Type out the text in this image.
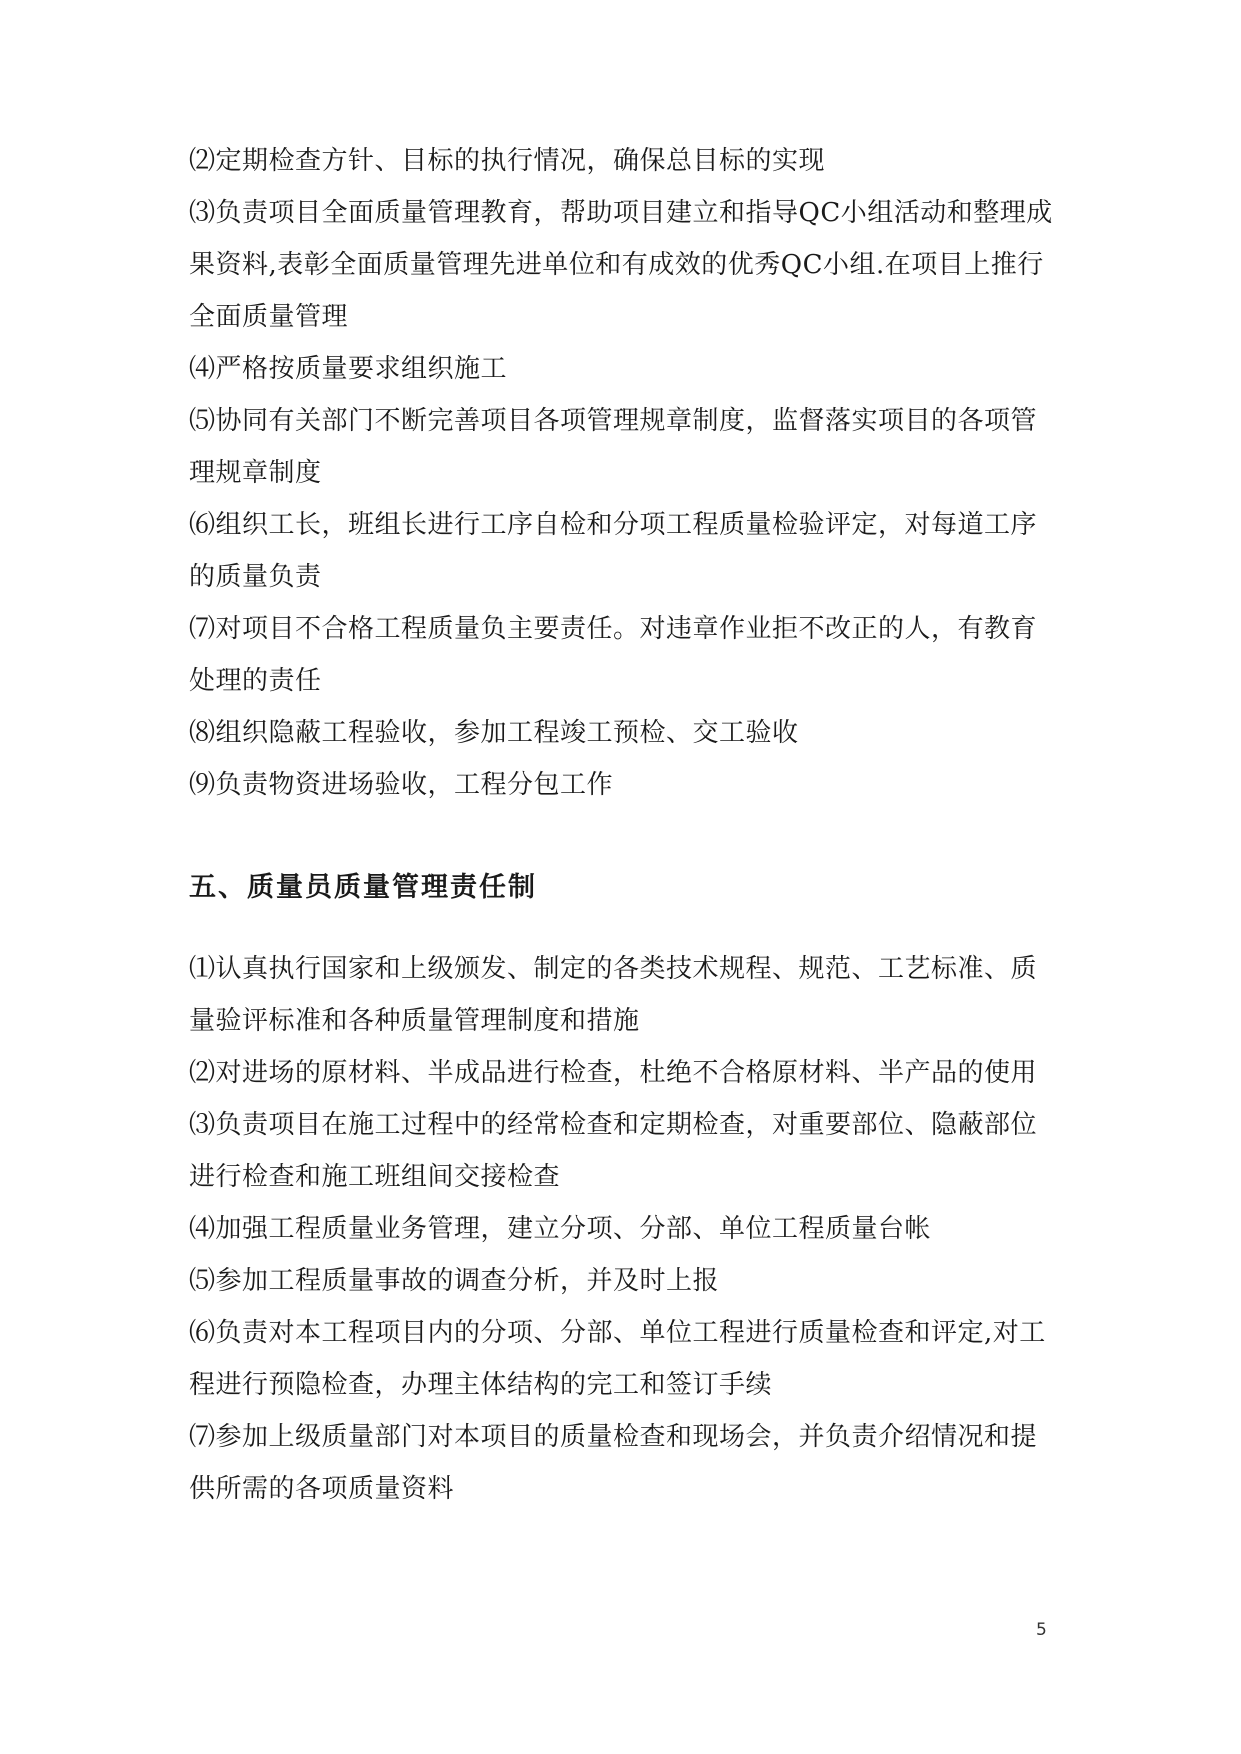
⑵定期检查方针、目标的执行情况，确保总目标的实现

⑶负责项目全面质量管理教育，帮助项目建立和指导QC小组活动和整理成果资料,表彰全面质量管理先进单位和有成效的优秀QC小组.在项目上推行全面质量管理

⑷严格按质量要求组织施工

⑸协同有关部门不断完善项目各项管理规章制度，监督落实项目的各项管理规章制度

⑹组织工长，班组长进行工序自检和分项工程质量检验评定，对每道工序的质量负责

⑺对项目不合格工程质量负主要责任。对违章作业拒不改正的人，有教育处理的责任

⑻组织隐蔽工程验收，参加工程竣工预检、交工验收

⑼负责物资进场验收，工程分包工作

五、质量员质量管理责任制

⑴认真执行国家和上级颁发、制定的各类技术规程、规范、工艺标准、质量验评标准和各种质量管理制度和措施

⑵对进场的原材料、半成品进行检查，杜绝不合格原材料、半产品的使用

⑶负责项目在施工过程中的经常检查和定期检查，对重要部位、隐蔽部位进行检查和施工班组间交接检查

⑷加强工程质量业务管理，建立分项、分部、单位工程质量台帐

⑸参加工程质量事故的调查分析，并及时上报

⑹负责对本工程项目内的分项、分部、单位工程进行质量检查和评定,对工程进行预隐检查，办理主体结构的完工和签订手续

⑺参加上级质量部门对本项目的质量检查和现场会，并负责介绍情况和提供所需的各项质量资料

5
